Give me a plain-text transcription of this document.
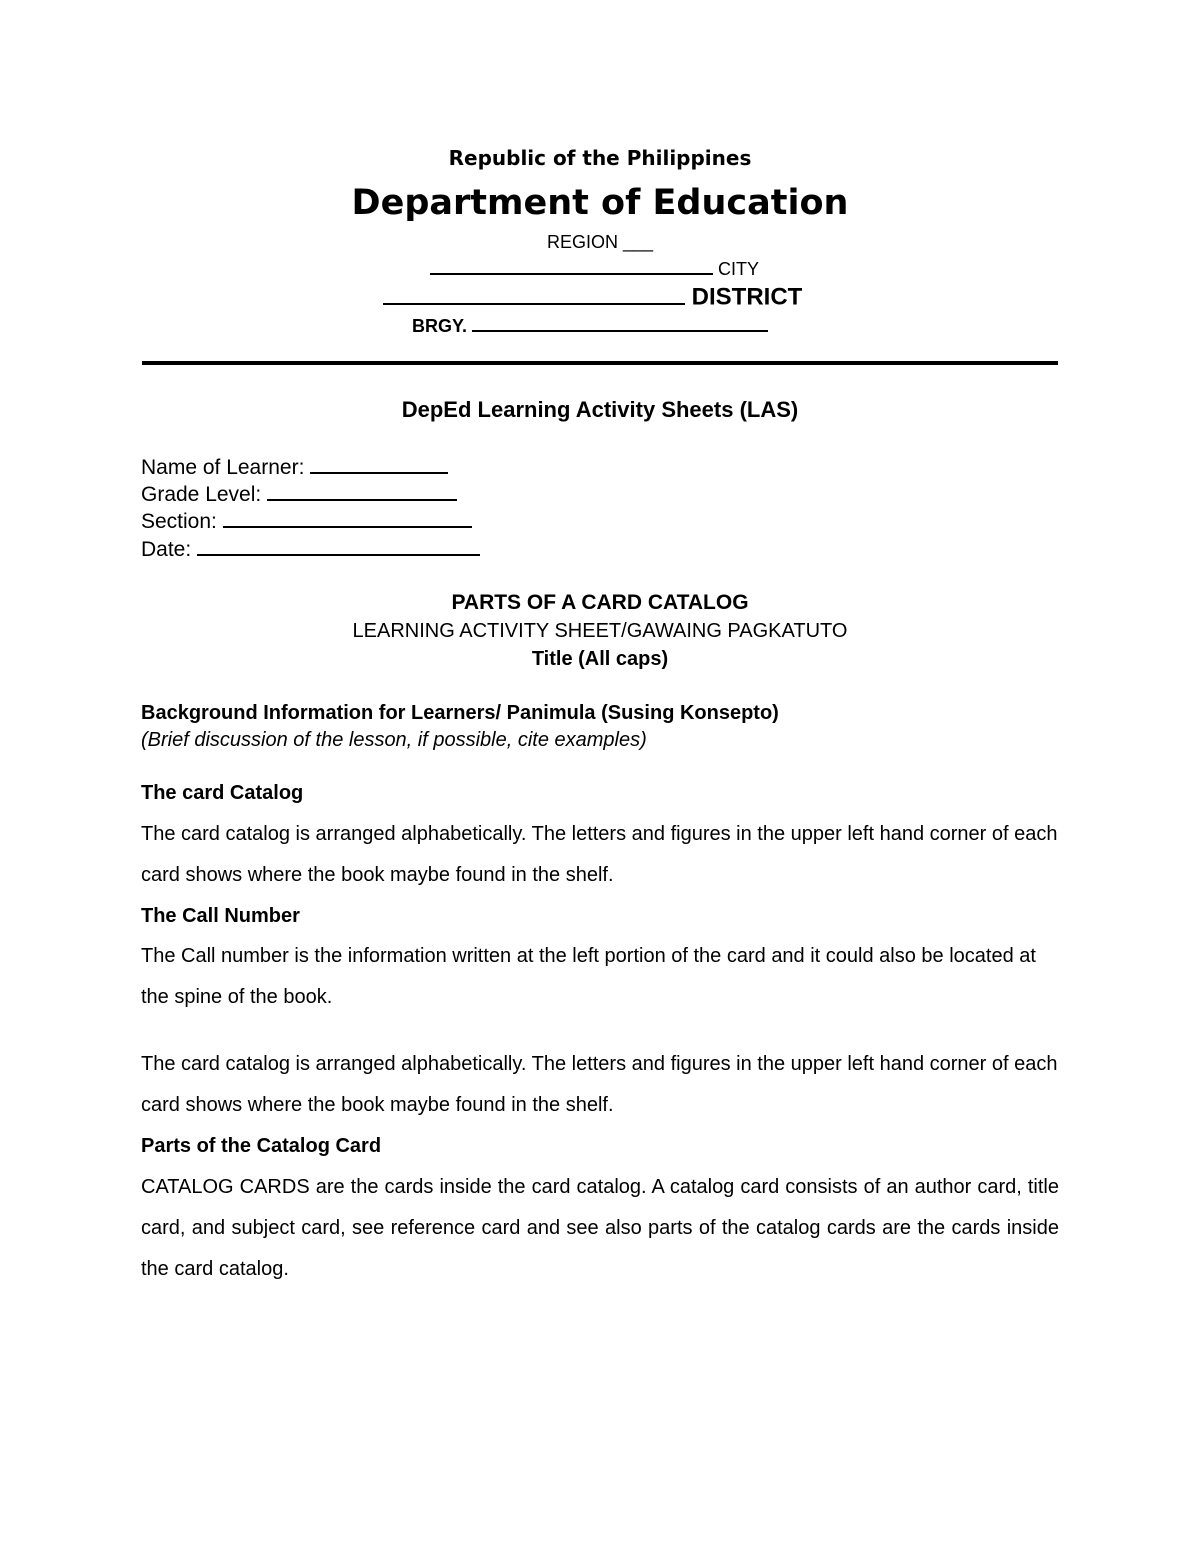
Republic of the Philippines
Department of Education
REGION ___
CITY
DISTRICT
BRGY.
DepEd Learning Activity Sheets (LAS)
Name of Learner:
Grade Level:
Section:
Date:
PARTS OF A CARD CATALOG
LEARNING ACTIVITY SHEET/GAWAING PAGKATUTO
Title (All caps)
Background Information for Learners/ Panimula (Susing Konsepto)
(Brief discussion of the lesson, if possible, cite examples)
The card Catalog
The card catalog is arranged alphabetically. The letters and figures in the upper left hand corner of each card shows where the book maybe found in the shelf.
The Call Number
The Call number is the information written at the left portion of the card and it could also be located at the spine of the book.
The card catalog is arranged alphabetically. The letters and figures in the upper left hand corner of each card shows where the book maybe found in the shelf.
Parts of the Catalog Card
CATALOG CARDS are the cards inside the card catalog. A catalog card consists of an author card, title card, and subject card, see reference card and see also parts of the catalog cards are the cards inside the card catalog.
